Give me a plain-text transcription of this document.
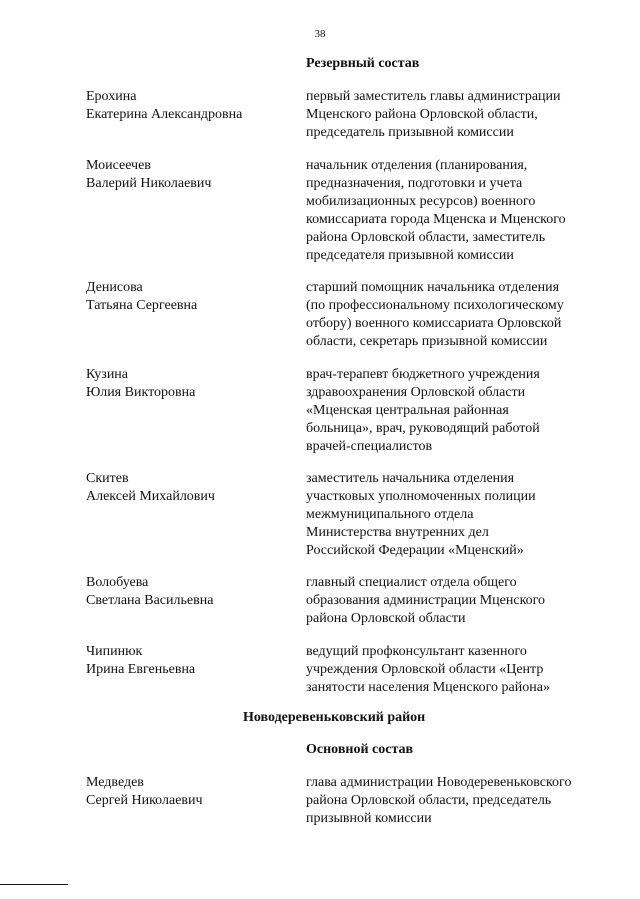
38
Резервный состав
Ерохина
Екатерина Александровна
первый заместитель главы администрации
Мценского района Орловской области,
председатель призывной комиссии
Моисеечев
Валерий Николаевич
начальник отделения (планирования,
предназначения, подготовки и учета
мобилизационных ресурсов) военного
комиссариата города Мценска и Мценского
района Орловской области, заместитель
председателя призывной комиссии
Денисова
Татьяна Сергеевна
старший помощник начальника отделения
(по профессиональному психологическому
отбору) военного комиссариата Орловской
области, секретарь призывной комиссии
Кузина
Юлия Викторовна
врач-терапевт бюджетного учреждения
здравоохранения Орловской области
«Мценская центральная районная
больница», врач, руководящий работой
врачей-специалистов
Скитев
Алексей Михайлович
заместитель начальника отделения
участковых уполномоченных полиции
межмуниципального отдела
Министерства внутренних дел
Российской Федерации «Мценский»
Волобуева
Светлана Васильевна
главный специалист отдела общего
образования администрации Мценского
района Орловской области
Чипинюк
Ирина Евгеньевна
ведущий профконсультант казенного
учреждения Орловской области «Центр
занятости населения Мценского района»
Новодеревеньковский район
Основной состав
Медведев
Сергей Николаевич
глава администрации Новодеревеньковского
района Орловской области, председатель
призывной комиссии
